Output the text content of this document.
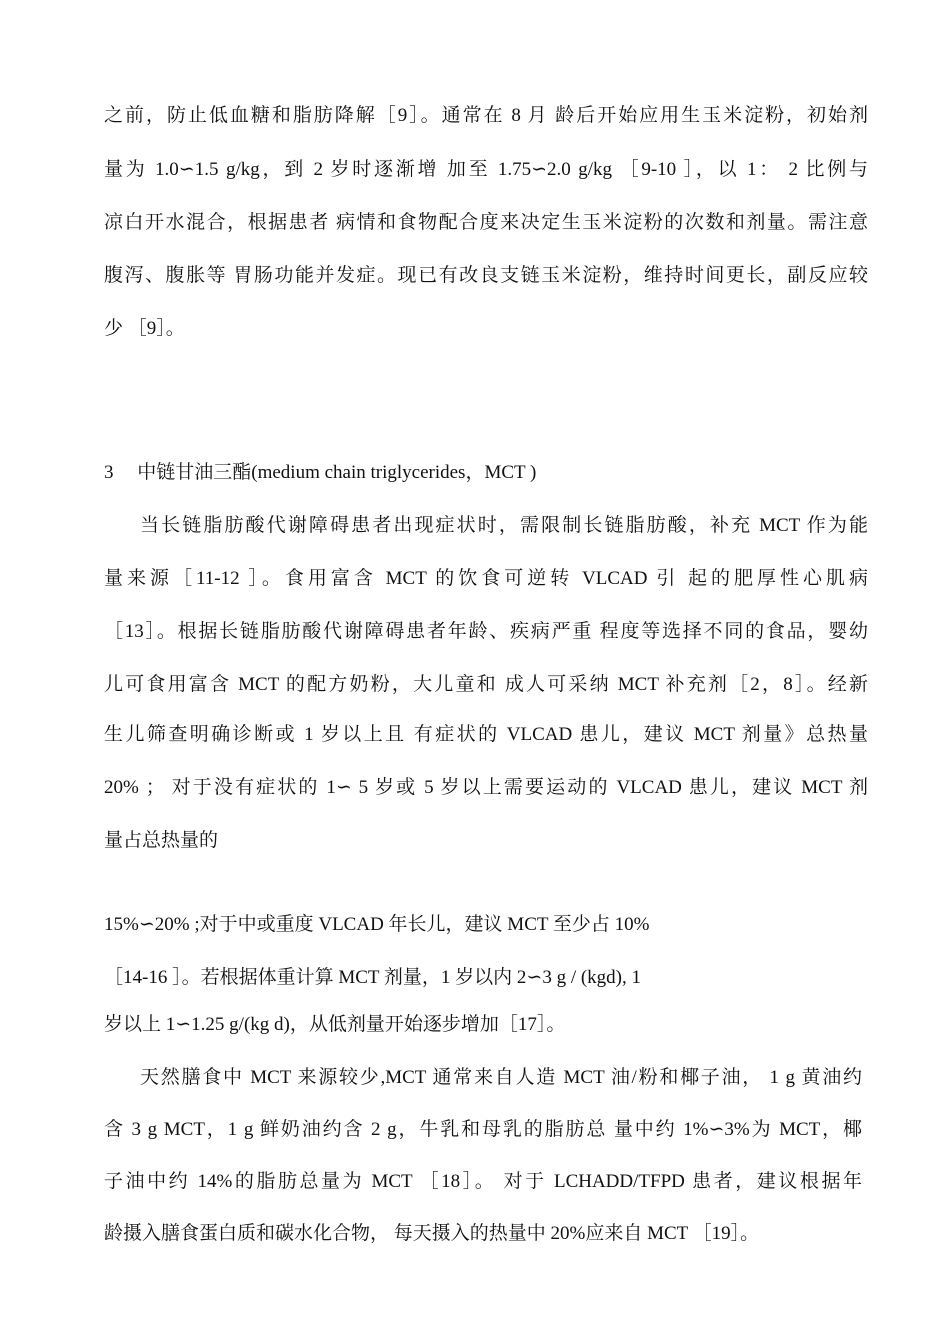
之前，防止低血糖和脂肪降解［9］。通常在 8 月 龄后开始应用生玉米淀粉，初始剂
量为 1.0∽1.5 g/kg，到 2 岁时逐渐增 加至 1.75∽2.0 g/kg ［9-10 ］，以 1： 2 比例与
凉白开水混合，根据患者 病情和食物配合度来决定生玉米淀粉的次数和剂量。需注意
腹泻、腹胀等 胃肠功能并发症。现已有改良支链玉米淀粉，维持时间更长，副反应较
少 ［9］。
3　 中链甘油三酯(medium chain triglycerides，MCT )
当长链脂肪酸代谢障碍患者出现症状时，需限制长链脂肪酸，补充 MCT 作为能
量来源［11-12 ］。食用富含 MCT 的饮食可逆转 VLCAD 引 起的肥厚性心肌病
［13］。根据长链脂肪酸代谢障碍患者年龄、疾病严重 程度等选择不同的食品，婴幼
儿可食用富含 MCT 的配方奶粉，大儿童和 成人可采纳 MCT 补充剂［2，8］。经新
生儿筛查明确诊断或 1 岁以上且 有症状的 VLCAD 患儿，建议 MCT 剂量》总热量
20% ； 对于没有症状的 1∽ 5 岁或 5 岁以上需要运动的 VLCAD 患儿，建议 MCT 剂
量占总热量的
15%∽20% ;对于中或重度 VLCAD 年长儿，建议 MCT 至少占 10%
［14-16 ］。若根据体重计算 MCT 剂量，1 岁以内 2∽3 g / (kgd), 1
岁以上 1∽1.25 g/(kg d)，从低剂量开始逐步增加［17］。
天然膳食中 MCT 来源较少,MCT 通常来自人造 MCT 油/粉和椰子油， 1 g 黄油约
含 3 g MCT，1 g 鲜奶油约含 2 g，牛乳和母乳的脂肪总 量中约 1%∽3%为 MCT，椰
子油中约 14%的脂肪总量为 MCT ［18］。 对于 LCHADD/TFPD 患者，建议根据年
龄摄入膳食蛋白质和碳水化合物， 每天摄入的热量中 20%应来自 MCT ［19］。
